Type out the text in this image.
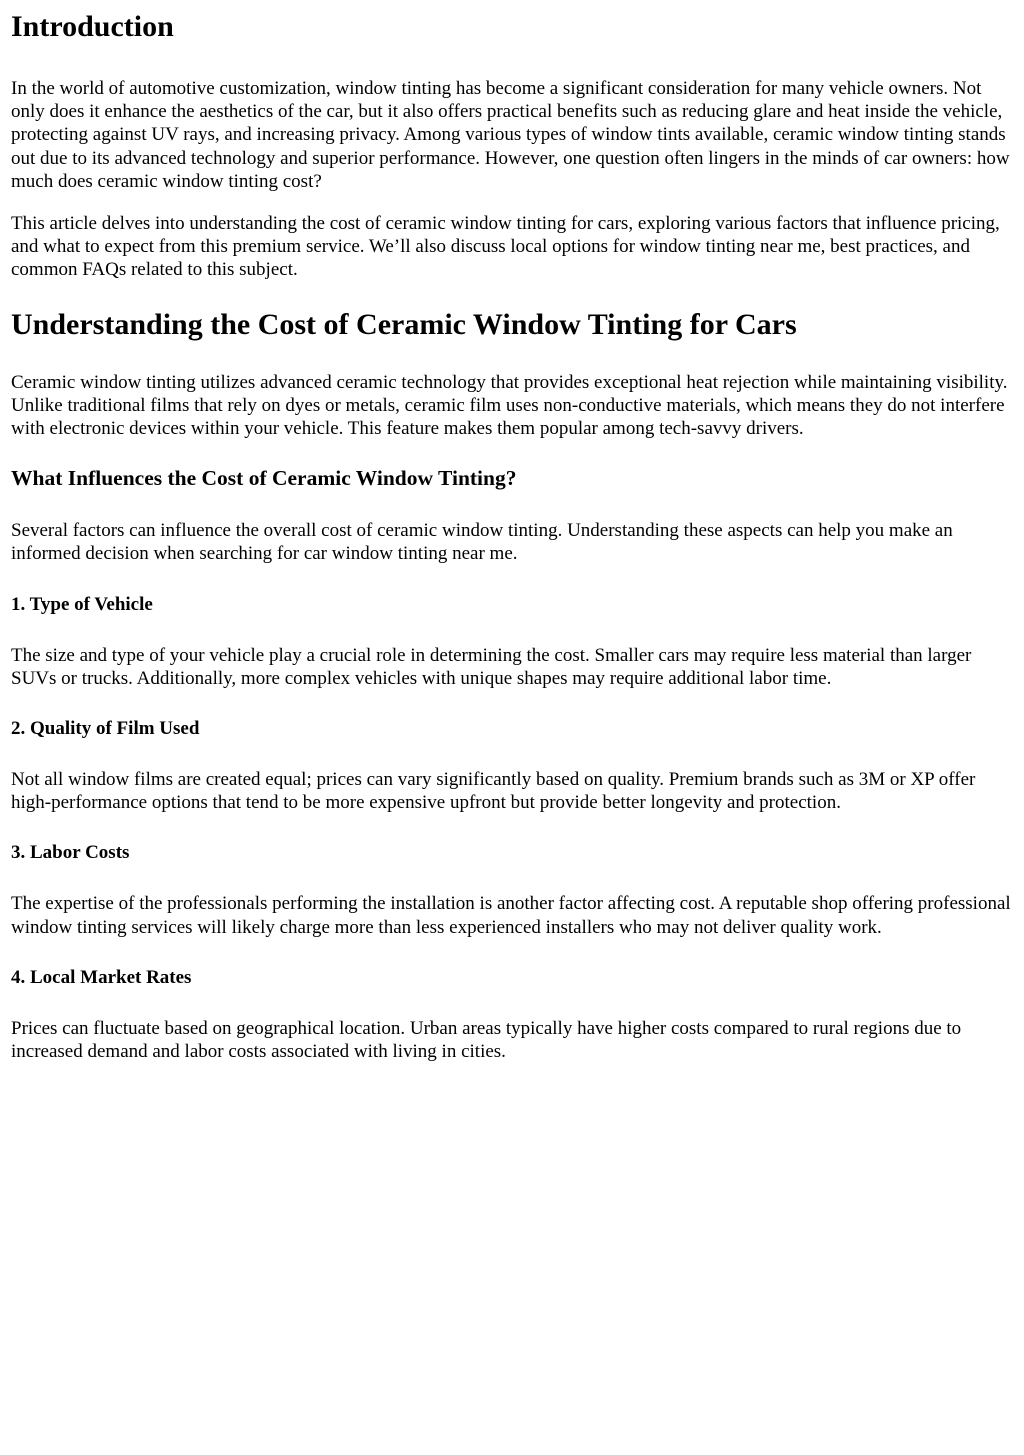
Introduction

In the world of automotive customization, window tinting has become a significant consideration for many vehicle owners. Not only does it enhance the aesthetics of the car, but it also offers practical benefits such as reducing glare and heat inside the vehicle, protecting against UV rays, and increasing privacy. Among various types of window tints available, ceramic window tinting stands out due to its advanced technology and superior performance. However, one question often lingers in the minds of car owners: how much does ceramic window tinting cost?

This article delves into understanding the cost of ceramic window tinting for cars, exploring various factors that influence pricing, and what to expect from this premium service. We’ll also discuss local options for window tinting near me, best practices, and common FAQs related to this subject.

Understanding the Cost of Ceramic Window Tinting for Cars

Ceramic window tinting utilizes advanced ceramic technology that provides exceptional heat rejection while maintaining visibility. Unlike traditional films that rely on dyes or metals, ceramic film uses non-conductive materials, which means they do not interfere with electronic devices within your vehicle. This feature makes them popular among tech-savvy drivers.

What Influences the Cost of Ceramic Window Tinting?

Several factors can influence the overall cost of ceramic window tinting. Understanding these aspects can help you make an informed decision when searching for car window tinting near me.

1. Type of Vehicle

The size and type of your vehicle play a crucial role in determining the cost. Smaller cars may require less material than larger SUVs or trucks. Additionally, more complex vehicles with unique shapes may require additional labor time.

2. Quality of Film Used

Not all window films are created equal; prices can vary significantly based on quality. Premium brands such as 3M or XP offer high-performance options that tend to be more expensive upfront but provide better longevity and protection.

3. Labor Costs

The expertise of the professionals performing the installation is another factor affecting cost. A reputable shop offering professional window tinting services will likely charge more than less experienced installers who may not deliver quality work.

4. Local Market Rates

Prices can fluctuate based on geographical location. Urban areas typically have higher costs compared to rural regions due to increased demand and labor costs associated with living in cities.
